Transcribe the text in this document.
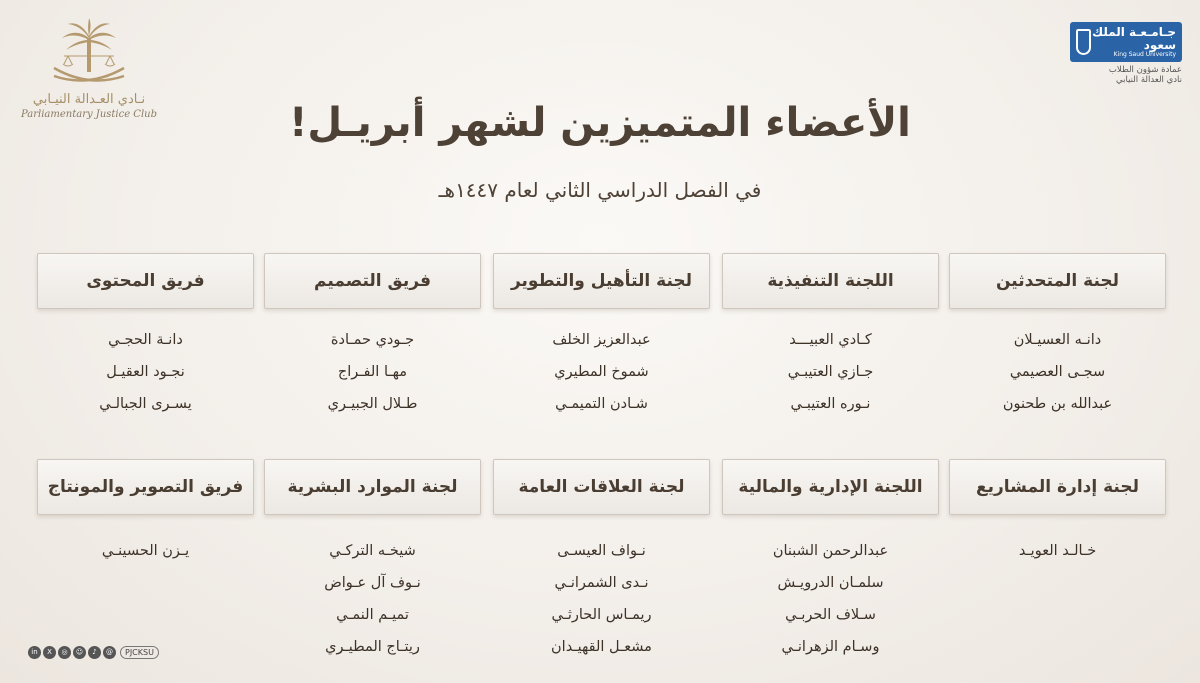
نـادي العـدالة النيـابي
Parliamentary Justice Club
جـامـعـة الملك سعود
King Saud University
عمادة شؤون الطلاب
نادي العدالة النيابي
الأعضاء المتميزين لشهر أبريـل!
في الفصل الدراسي الثاني لعام ١٤٤٧هـ
لجنة المتحدثين
اللجنة التنفيذية
لجنة التأهيل والتطوير
فريق التصميم
فريق المحتوى
دانـه العسيـلان
سجـى العصيمي
عبدالله بن طحنون
كـادي العبيـــد
جـازي العتيبـي
نـوره العتيبـي
عبدالعزيز الخلف
شموخ المطيري
شـادن التميمـي
جـودي حمـادة
مهـا الفـراج
طـلال الجبيـري
دانـة الحجـي
نجـود العقيـل
يسـرى الجبالـي
لجنة إدارة المشاريع
اللجنة الإدارية والمالية
لجنة العلاقات العامة
لجنة الموارد البشرية
فريق التصوير والمونتاج
خـالـد العويـد
عبدالرحمن الشبنان
سلمـان الدرويـش
سـلاف الحربـي
وسـام الزهرانـي
نـواف العيسـى
نـدى الشمرانـي
ريمـاس الحارثـي
مشعـل القهيـدان
شيخـه التركـي
نـوف آل عـواض
تميـم النمـي
ريتـاج المطيـري
يـزن الحسينـي
in	X	◎	☺	♪	@	PJCKSU
